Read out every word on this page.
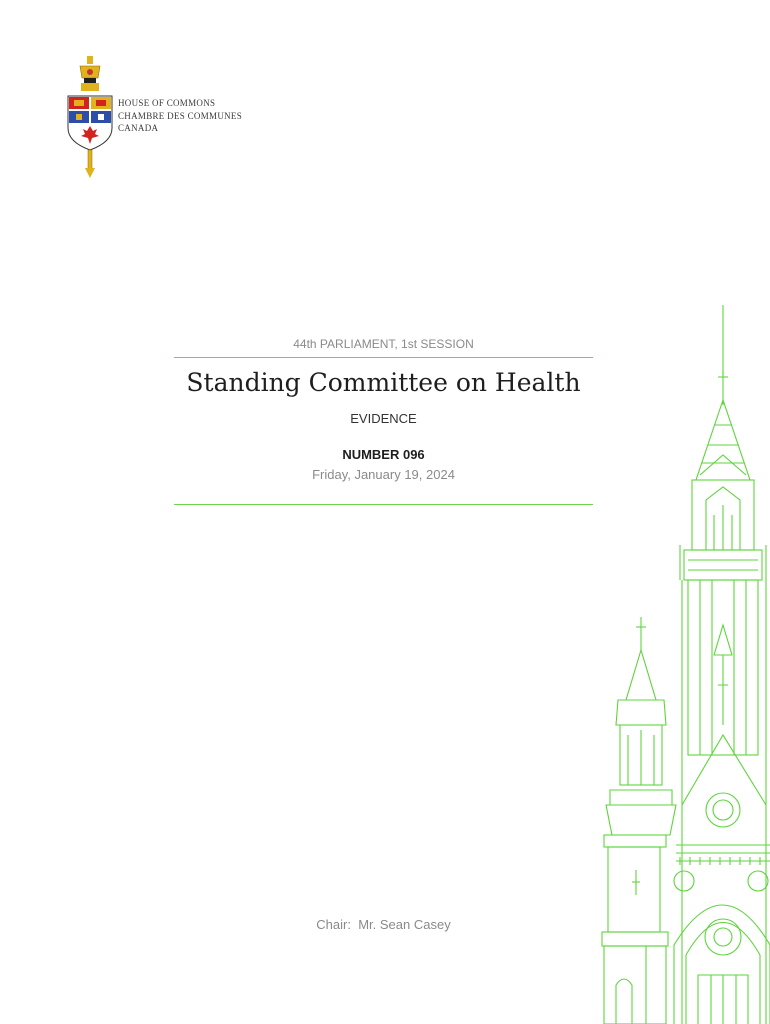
HOUSE OF COMMONS
CHAMBRE DES COMMUNES
CANADA
44th PARLIAMENT, 1st SESSION
Standing Committee on Health
EVIDENCE
NUMBER 096
Friday, January 19, 2024
Chair: Mr. Sean Casey
